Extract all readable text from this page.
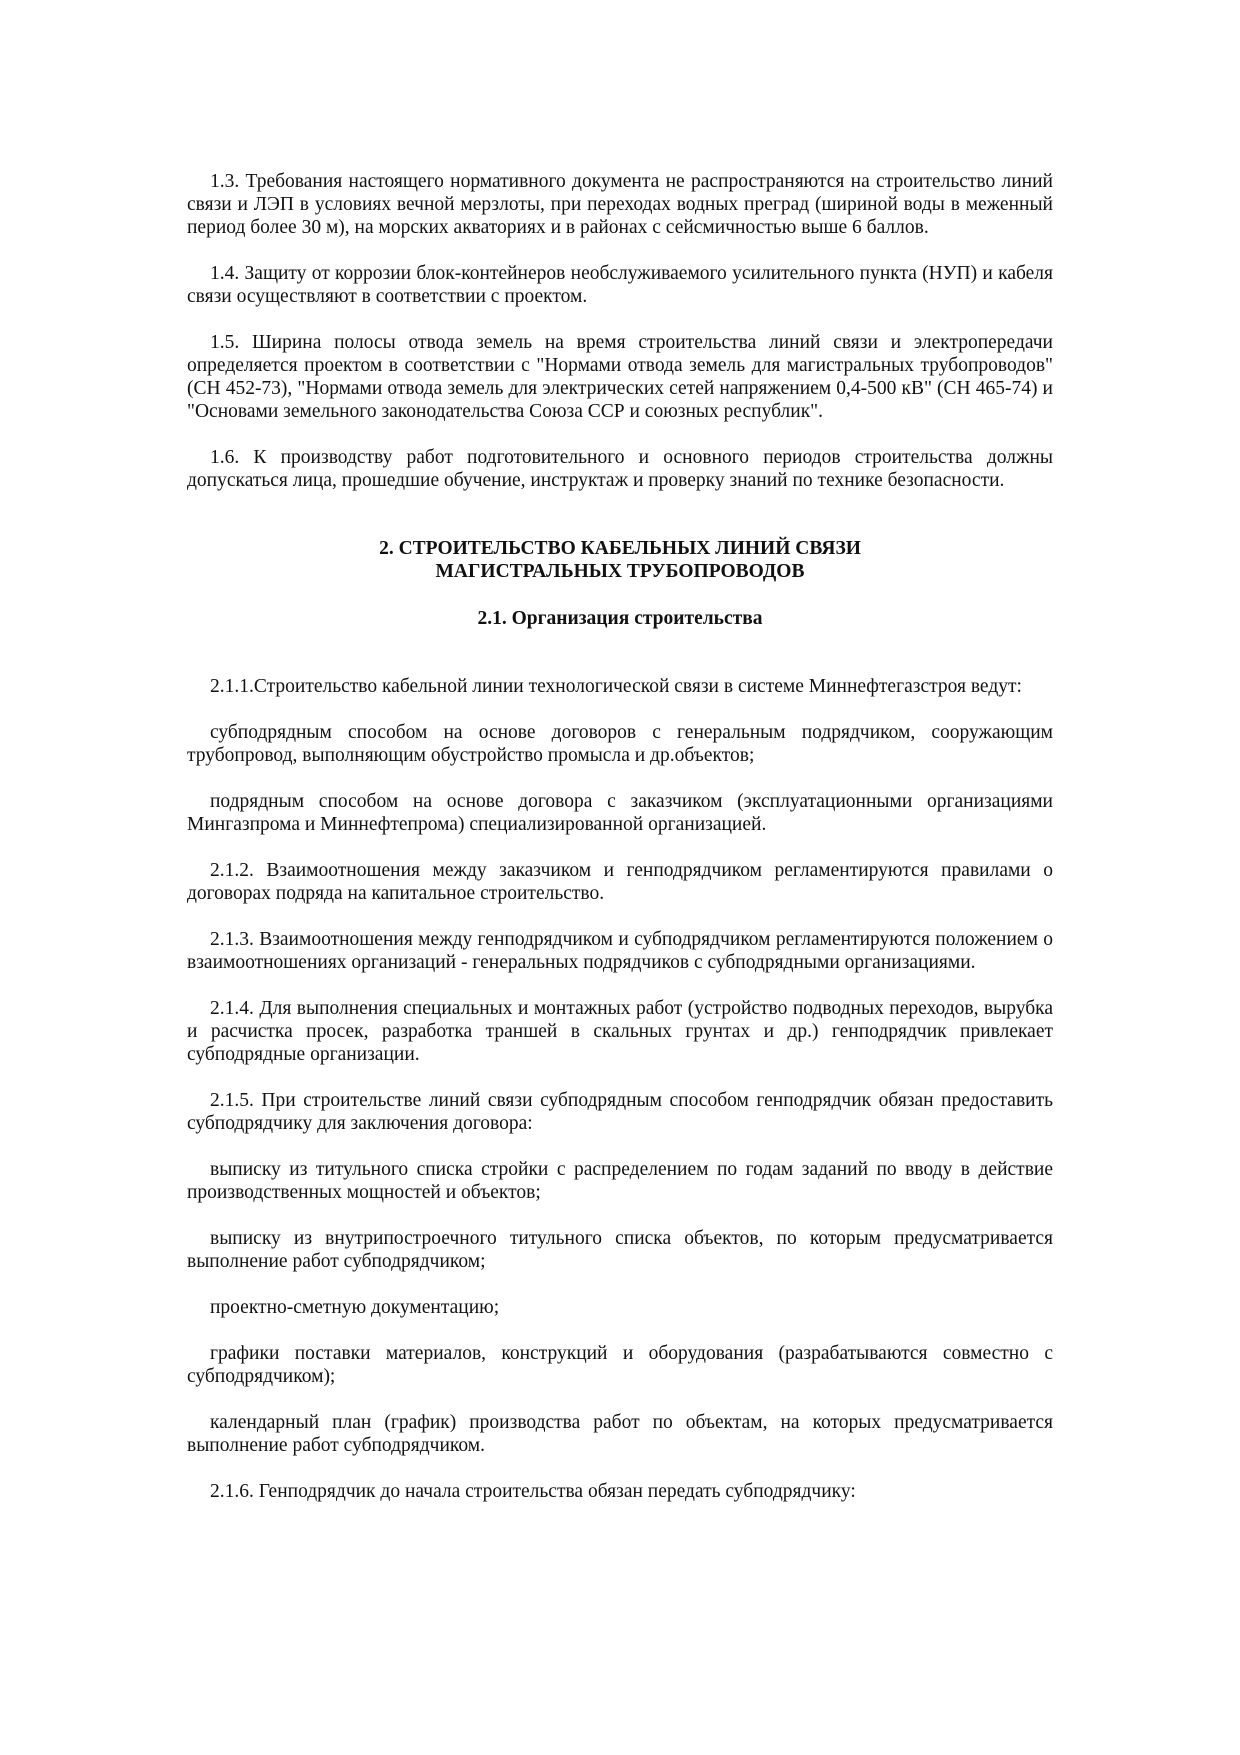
1.3. Требования настоящего нормативного документа не распространяются на строительство линий связи и ЛЭП в условиях вечной мерзлоты, при переходах водных преград (шириной воды в меженный период более 30 м), на морских акваториях и в районах с сейсмичностью выше 6 баллов.

1.4. Защиту от коррозии блок-контейнеров необслуживаемого усилительного пункта (НУП) и кабеля связи осуществляют в соответствии с проектом.

1.5. Ширина полосы отвода земель на время строительства линий связи и электропередачи определяется проектом в соответствии с "Нормами отвода земель для магистральных трубопроводов" (СН 452-73), "Нормами отвода земель для электрических сетей напряжением 0,4-500 кВ" (СН 465-74) и "Основами земельного законодательства Союза ССР и союзных республик".

1.6. К производству работ подготовительного и основного периодов строительства должны допускаться лица, прошедшие обучение, инструктаж и проверку знаний по технике безопасности.

2. СТРОИТЕЛЬСТВО КАБЕЛЬНЫХ ЛИНИЙ СВЯЗИ
МАГИСТРАЛЬНЫХ ТРУБОПРОВОДОВ
2.1. Организация строительства

2.1.1.Строительство кабельной линии технологической связи в системе Миннефтегазстроя ведут:

субподрядным способом на основе договоров с генеральным подрядчиком, сооружающим трубопровод, выполняющим обустройство промысла и др.объектов;

подрядным способом на основе договора с заказчиком (эксплуатационными организациями Мингазпрома и Миннефтепрома) специализированной организацией.

2.1.2. Взаимоотношения между заказчиком и генподрядчиком регламентируются правилами о договорах подряда на капитальное строительство.

2.1.3. Взаимоотношения между генподрядчиком и субподрядчиком регламентируются положением о взаимоотношениях организаций - генеральных подрядчиков с субподрядными организациями.

2.1.4. Для выполнения специальных и монтажных работ (устройство подводных переходов, вырубка и расчистка просек, разработка траншей в скальных грунтах и др.) генподрядчик привлекает субподрядные организации.

2.1.5. При строительстве линий связи субподрядным способом генподрядчик обязан предоставить субподрядчику для заключения договора:

выписку из титульного списка стройки с распределением по годам заданий по вводу в действие производственных мощностей и объектов;

выписку из внутрипостроечного титульного списка объектов, по которым предусматривается выполнение работ субподрядчиком;

проектно-сметную документацию;

графики поставки материалов, конструкций и оборудования (разрабатываются совместно с субподрядчиком);

календарный план (график) производства работ по объектам, на которых предусматривается выполнение работ субподрядчиком.

2.1.6. Генподрядчик до начала строительства обязан передать субподрядчику:
